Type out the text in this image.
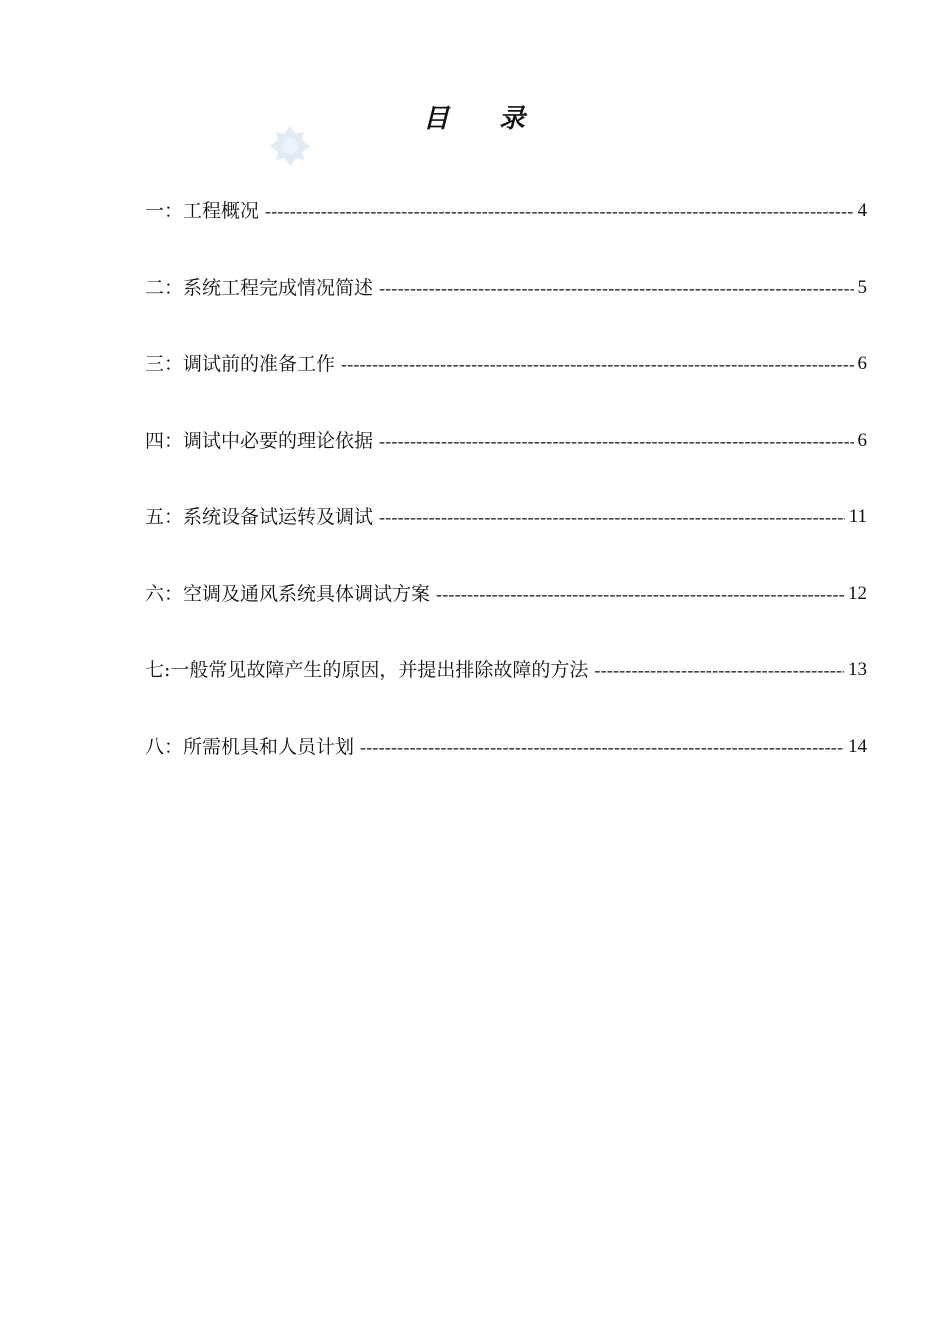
目 录
一：工程概况 -----	4
二：系统工程完成情况简述 -----	5
三：调试前的准备工作 -----	6
四：调试中必要的理论依据 -----	6
五：系统设备试运转及调试 -----	11
六：空调及通风系统具体调试方案 -----	12
七:一般常见故障产生的原因，并提出排除故障的方法 -----	13
八：所需机具和人员计划 -----	14
